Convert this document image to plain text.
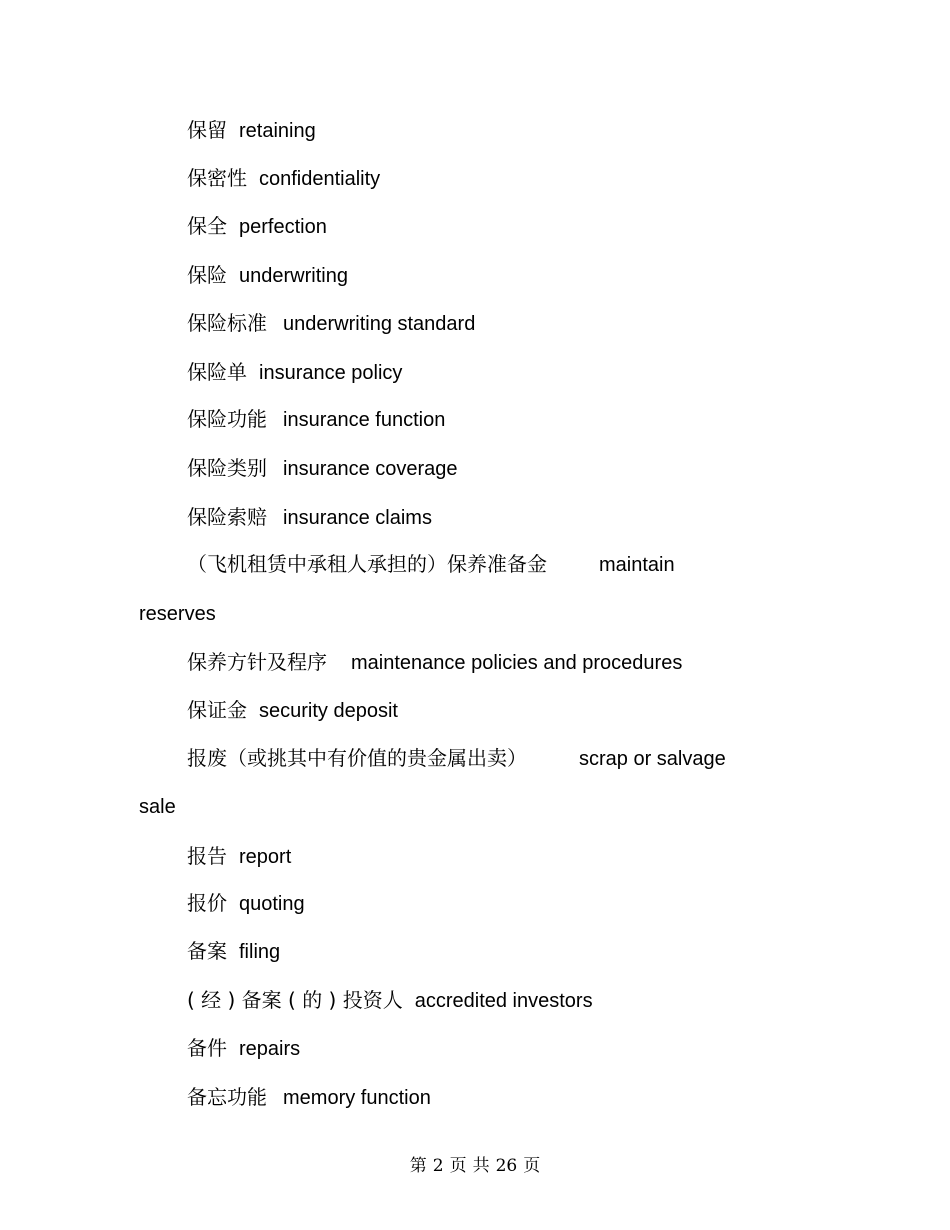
保留 retaining
保密性 confidentiality
保全 perfection
保险 underwriting
保险标准 underwriting standard
保险单 insurance policy
保险功能 insurance function
保险类别 insurance coverage
保险索赔 insurance claims
（飞机租赁中承租人承担的）保养准备金	maintain
reserves
保养方针及程序 maintenance policies and procedures
保证金 security deposit
报废（或挑其中有价值的贵金属出卖）	scrap or salvage
sale
报告 report
报价 quoting
备案 filing
( 经 ) 备案 ( 的 ) 投资人 accredited investors
备件 repairs
备忘功能 memory function
第 2 页 共 26 页
